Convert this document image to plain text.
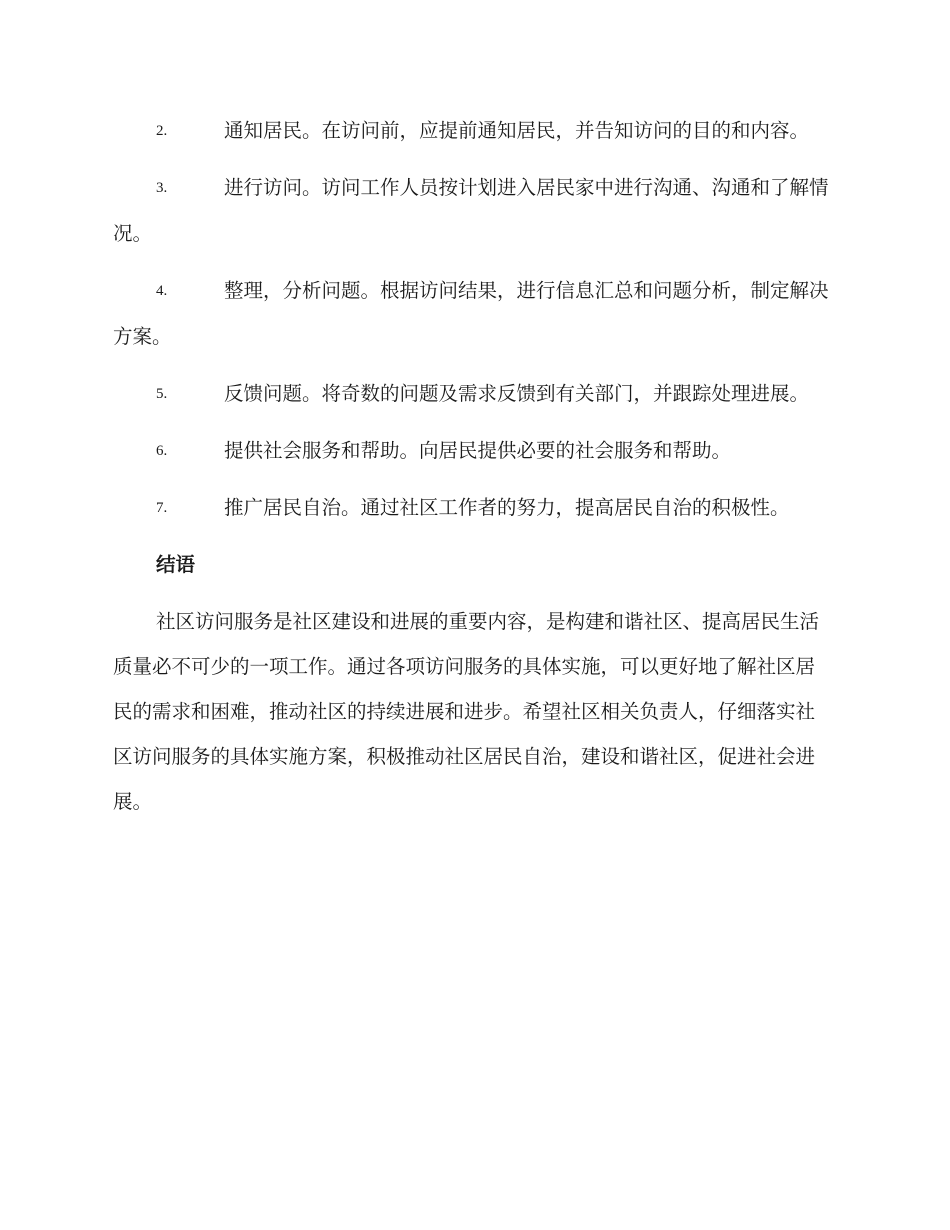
2.	通知居民。在访问前，应提前通知居民，并告知访问的目的和内容。
3.	进行访问。访问工作人员按计划进入居民家中进行沟通、沟通和了解情况。
4.	整理，分析问题。根据访问结果，进行信息汇总和问题分析，制定解决方案。
5.	反馈问题。将奇数的问题及需求反馈到有关部门，并跟踪处理进展。
6.	提供社会服务和帮助。向居民提供必要的社会服务和帮助。
7.	推广居民自治。通过社区工作者的努力，提高居民自治的积极性。
结语

社区访问服务是社区建设和进展的重要内容，是构建和谐社区、提高居民生活质量必不可少的一项工作。通过各项访问服务的具体实施，可以更好地了解社区居民的需求和困难，推动社区的持续进展和进步。希望社区相关负责人，仔细落实社区访问服务的具体实施方案，积极推动社区居民自治，建设和谐社区，促进社会进展。
